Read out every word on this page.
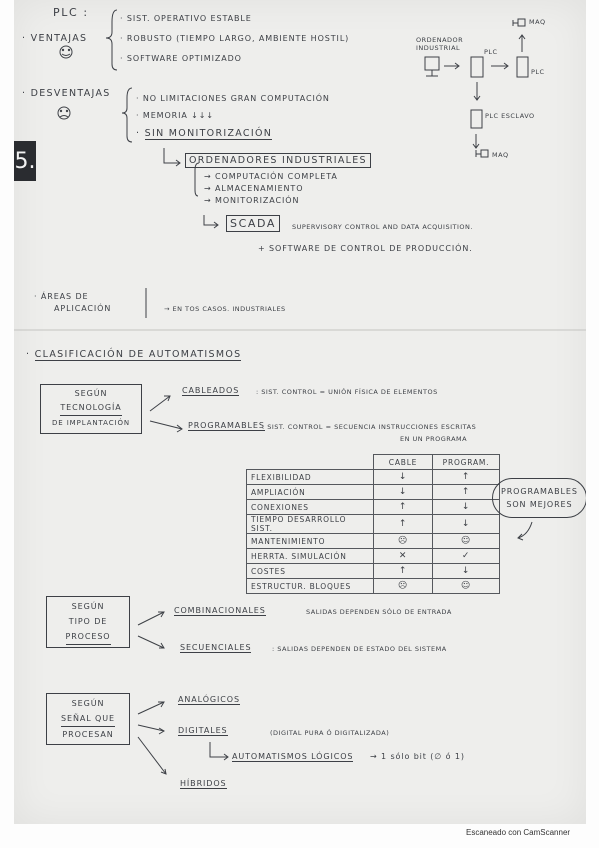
PLC :
· VENTAJAS
· SIST. OPERATIVO ESTABLE
· ROBUSTO (TIEMPO LARGO, AMBIENTE HOSTIL)
· SOFTWARE OPTIMIZADO
· DESVENTAJAS	· NO LIMITACIONES GRAN COMPUTACIÓN
· MEMORIA ↓↓↓
· SIN MONITORIZACIÓN
MAQ
ORDENADOR INDUSTRIAL	PLC
PLC
PLC ESCLAVO
MAQ
5.	ORDENADORES INDUSTRIALES
→ COMPUTACIÓN COMPLETA
→ ALMACENAMIENTO
→ MONITORIZACIÓN
SCADA	SUPERVISORY CONTROL AND DATA ACQUISITION.
+ SOFTWARE DE CONTROL DE PRODUCCIÓN.
· ÁREAS DE
APLICACIÓN	→ EN TOS CASOS. INDUSTRIALES
· CLASIFICACIÓN DE AUTOMATISMOS
SEGÚN
TECNOLOGÍA
DE IMPLANTACIÓN
CABLEADOS	: SIST. CONTROL = UNIÓN FÍSICA DE ELEMENTOS
PROGRAMABLES
: SIST. CONTROL = SECUENCIA INSTRUCCIONES ESCRITAS
EN UN PROGRAMA
	CABLE	PROGRAM.
FLEXIBILIDAD	↓	↑
AMPLIACIÓN	↓	↑
CONEXIONES	↑	↓
TIEMPO DESARROLLO SIST.	↑	↓
MANTENIMIENTO	☹	☺
HERRTA. SIMULACIÓN	✕	✓
COSTES	↑	↓
ESTRUCTUR. BLOQUES	☹	☺
PROGRAMABLES
SON MEJORES
SEGÚN
TIPO DE
PROCESO
COMBINACIONALES	SALIDAS DEPENDEN SÓLO DE ENTRADA
SECUENCIALES	: SALIDAS DEPENDEN DE ESTADO DEL SISTEMA
SEGÚN
SEÑAL QUE
PROCESAN
ANALÓGICOS
DIGITALES	(DIGITAL PURA Ó DIGITALIZADA)
AUTOMATISMOS LÓGICOS → 1 sólo bit (∅ ó 1)
HÍBRIDOS
Escaneado con CamScanner
